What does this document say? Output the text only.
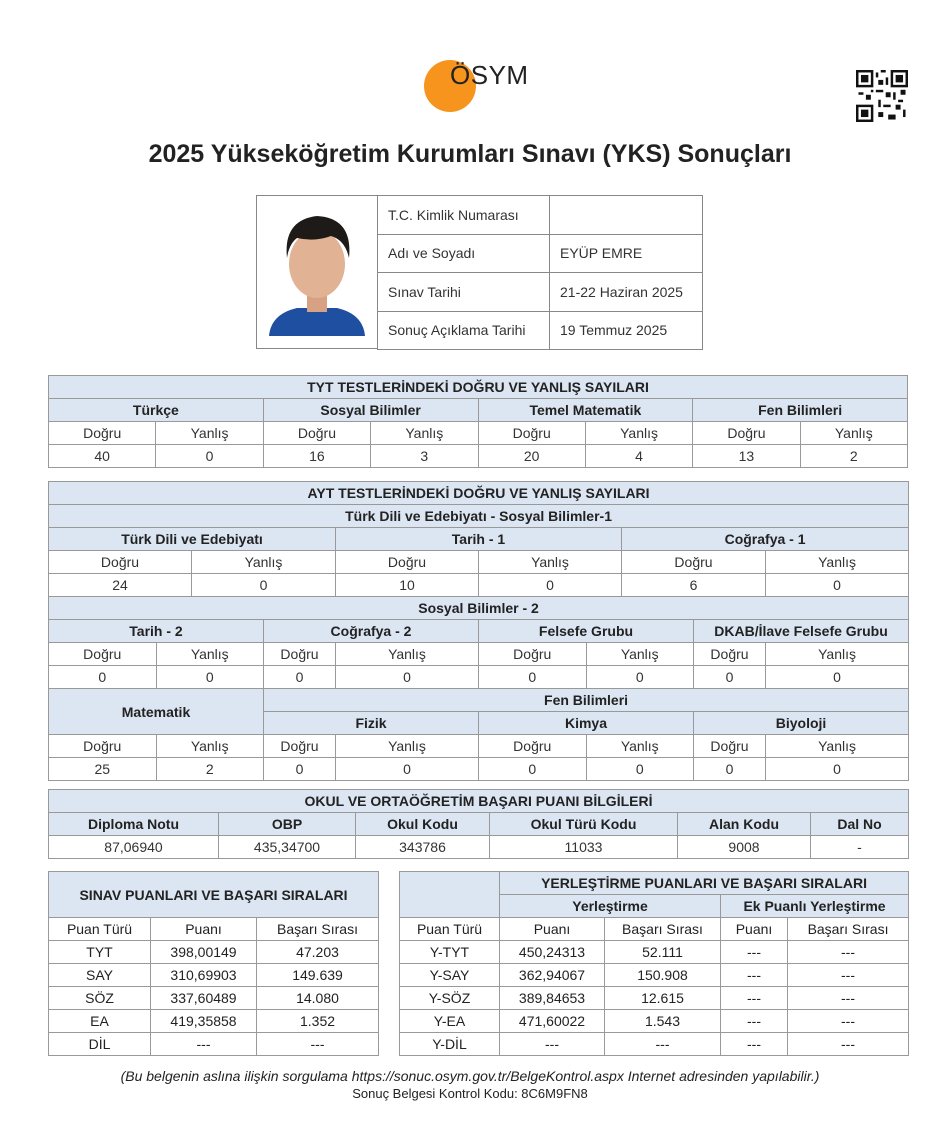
ÖSYM
2025 Yükseköğretim Kurumları Sınavı (YKS) Sonuçları
T.C. Kimlik Numarası	
Adı ve Soyadı	EYÜP EMRE
Sınav Tarihi	21-22 Haziran 2025
Sonuç Açıklama Tarihi	19 Temmuz 2025
TYT TESTLERİNDEKİ DOĞRU VE YANLIŞ SAYILARI							
Türkçe		Sosyal Bilimler		Temel Matematik		Fen Bilimleri	
Doğru	Yanlış	Doğru	Yanlış	Doğru	Yanlış	Doğru	Yanlış
40	0	16	3	20	4	13	2
AYT TESTLERİNDEKİ DOĞRU VE YANLIŞ SAYILARI									
Türk Dili ve Edebiyatı - Sosyal Bilimler-1									
Türk Dili ve Edebiyatı				Tarih - 1			Coğrafya - 1		
Doğru		Yanlış		Doğru	Yanlış		Doğru		Yanlış
24		0		10	0		6		0
Sosyal Bilimler - 2									
Tarih - 2			Coğrafya - 2		Felsefe Grubu			DKAB/İlave Felsefe Grubu	
Doğru	Yanlış		Doğru	Yanlış	Doğru	Yanlış		Doğru	Yanlış
0	0		0	0	0	0		0	0
Matematik			Fen Bilimleri						
			Fizik		Kimya			Biyoloji	
Doğru	Yanlış		Doğru	Yanlış	Doğru	Yanlış		Doğru	Yanlış
25	2		0	0	0	0		0	0
OKUL VE ORTAÖĞRETİM BAŞARI PUANI BİLGİLERİ					
Diploma Notu	OBP	Okul Kodu	Okul Türü Kodu	Alan Kodu	Dal No
87,06940	435,34700	343786	11033	9008	-
SINAV PUANLARI VE BAŞARI SIRALARI		
Puan Türü	Puanı	Başarı Sırası
TYT	398,00149	47.203
SAY	310,69903	149.639
SÖZ	337,60489	14.080
EA	419,35858	1.352
DİL	---	---
	YERLEŞTİRME PUANLARI VE BAŞARI SIRALARI			
	Yerleştirme		Ek Puanlı Yerleştirme	
Puan Türü	Puanı	Başarı Sırası	Puanı	Başarı Sırası
Y-TYT	450,24313	52.111	---	---
Y-SAY	362,94067	150.908	---	---
Y-SÖZ	389,84653	12.615	---	---
Y-EA	471,60022	1.543	---	---
Y-DİL	---	---	---	---
(Bu belgenin aslına ilişkin sorgulama https://sonuc.osym.gov.tr/BelgeKontrol.aspx Internet adresinden yapılabilir.)
Sonuç Belgesi Kontrol Kodu: 8C6M9FN8
